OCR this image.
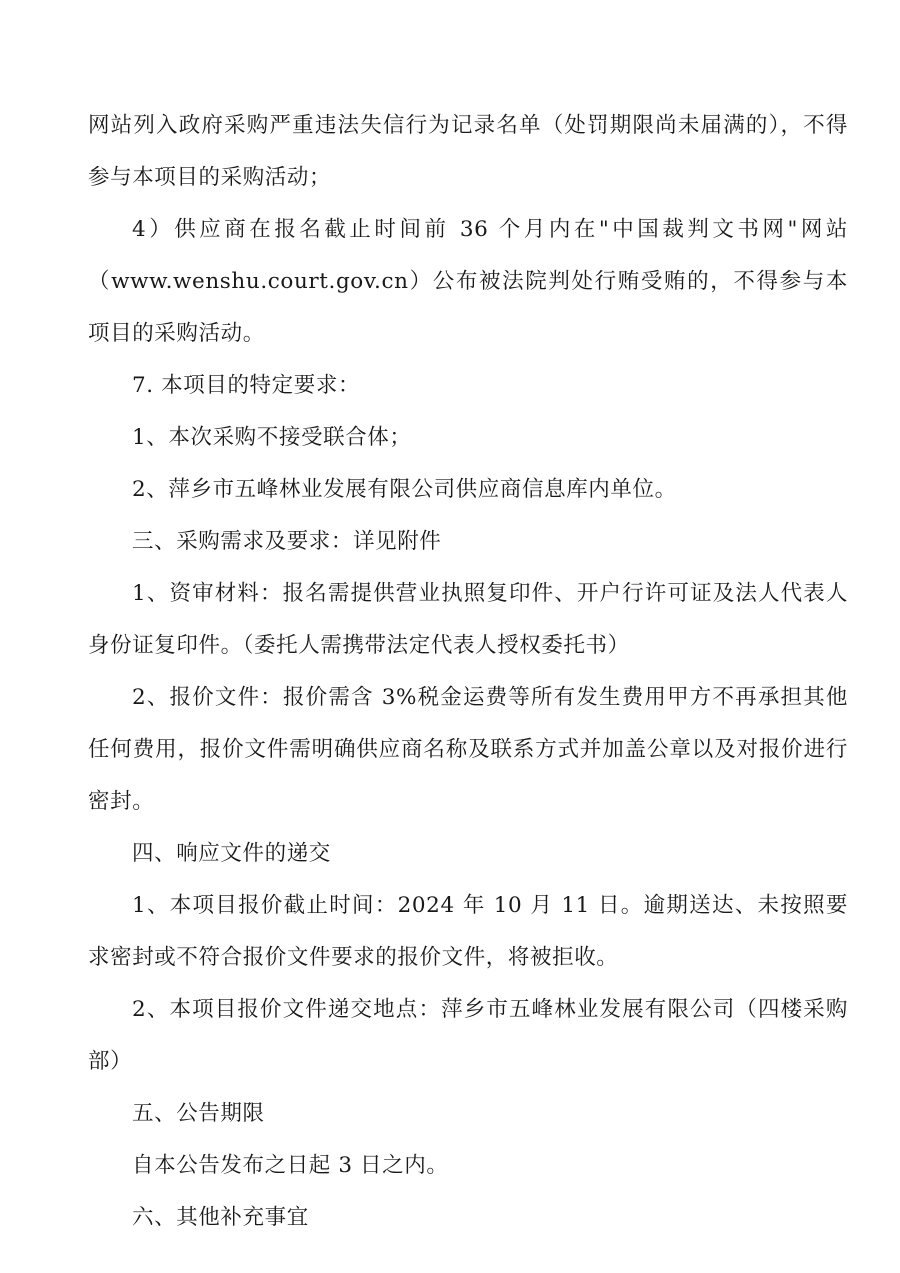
网站列入政府采购严重违法失信行为记录名单（处罚期限尚未届满的），不得参与本项目的采购活动；

4）供应商在报名截止时间前 36 个月内在"中国裁判文书网"网站（www.wenshu.court.gov.cn）公布被法院判处行贿受贿的，不得参与本项目的采购活动。

7. 本项目的特定要求：

1、本次采购不接受联合体；

2、萍乡市五峰林业发展有限公司供应商信息库内单位。

三、采购需求及要求：详见附件

1、资审材料：报名需提供营业执照复印件、开户行许可证及法人代表人身份证复印件。（委托人需携带法定代表人授权委托书）

2、报价文件：报价需含 3%税金运费等所有发生费用甲方不再承担其他任何费用，报价文件需明确供应商名称及联系方式并加盖公章以及对报价进行密封。

四、响应文件的递交

1、本项目报价截止时间：2024 年 10 月 11 日。逾期送达、未按照要求密封或不符合报价文件要求的报价文件，将被拒收。

2、本项目报价文件递交地点：萍乡市五峰林业发展有限公司（四楼采购部）

五、公告期限

自本公告发布之日起 3 日之内。

六、其他补充事宜
